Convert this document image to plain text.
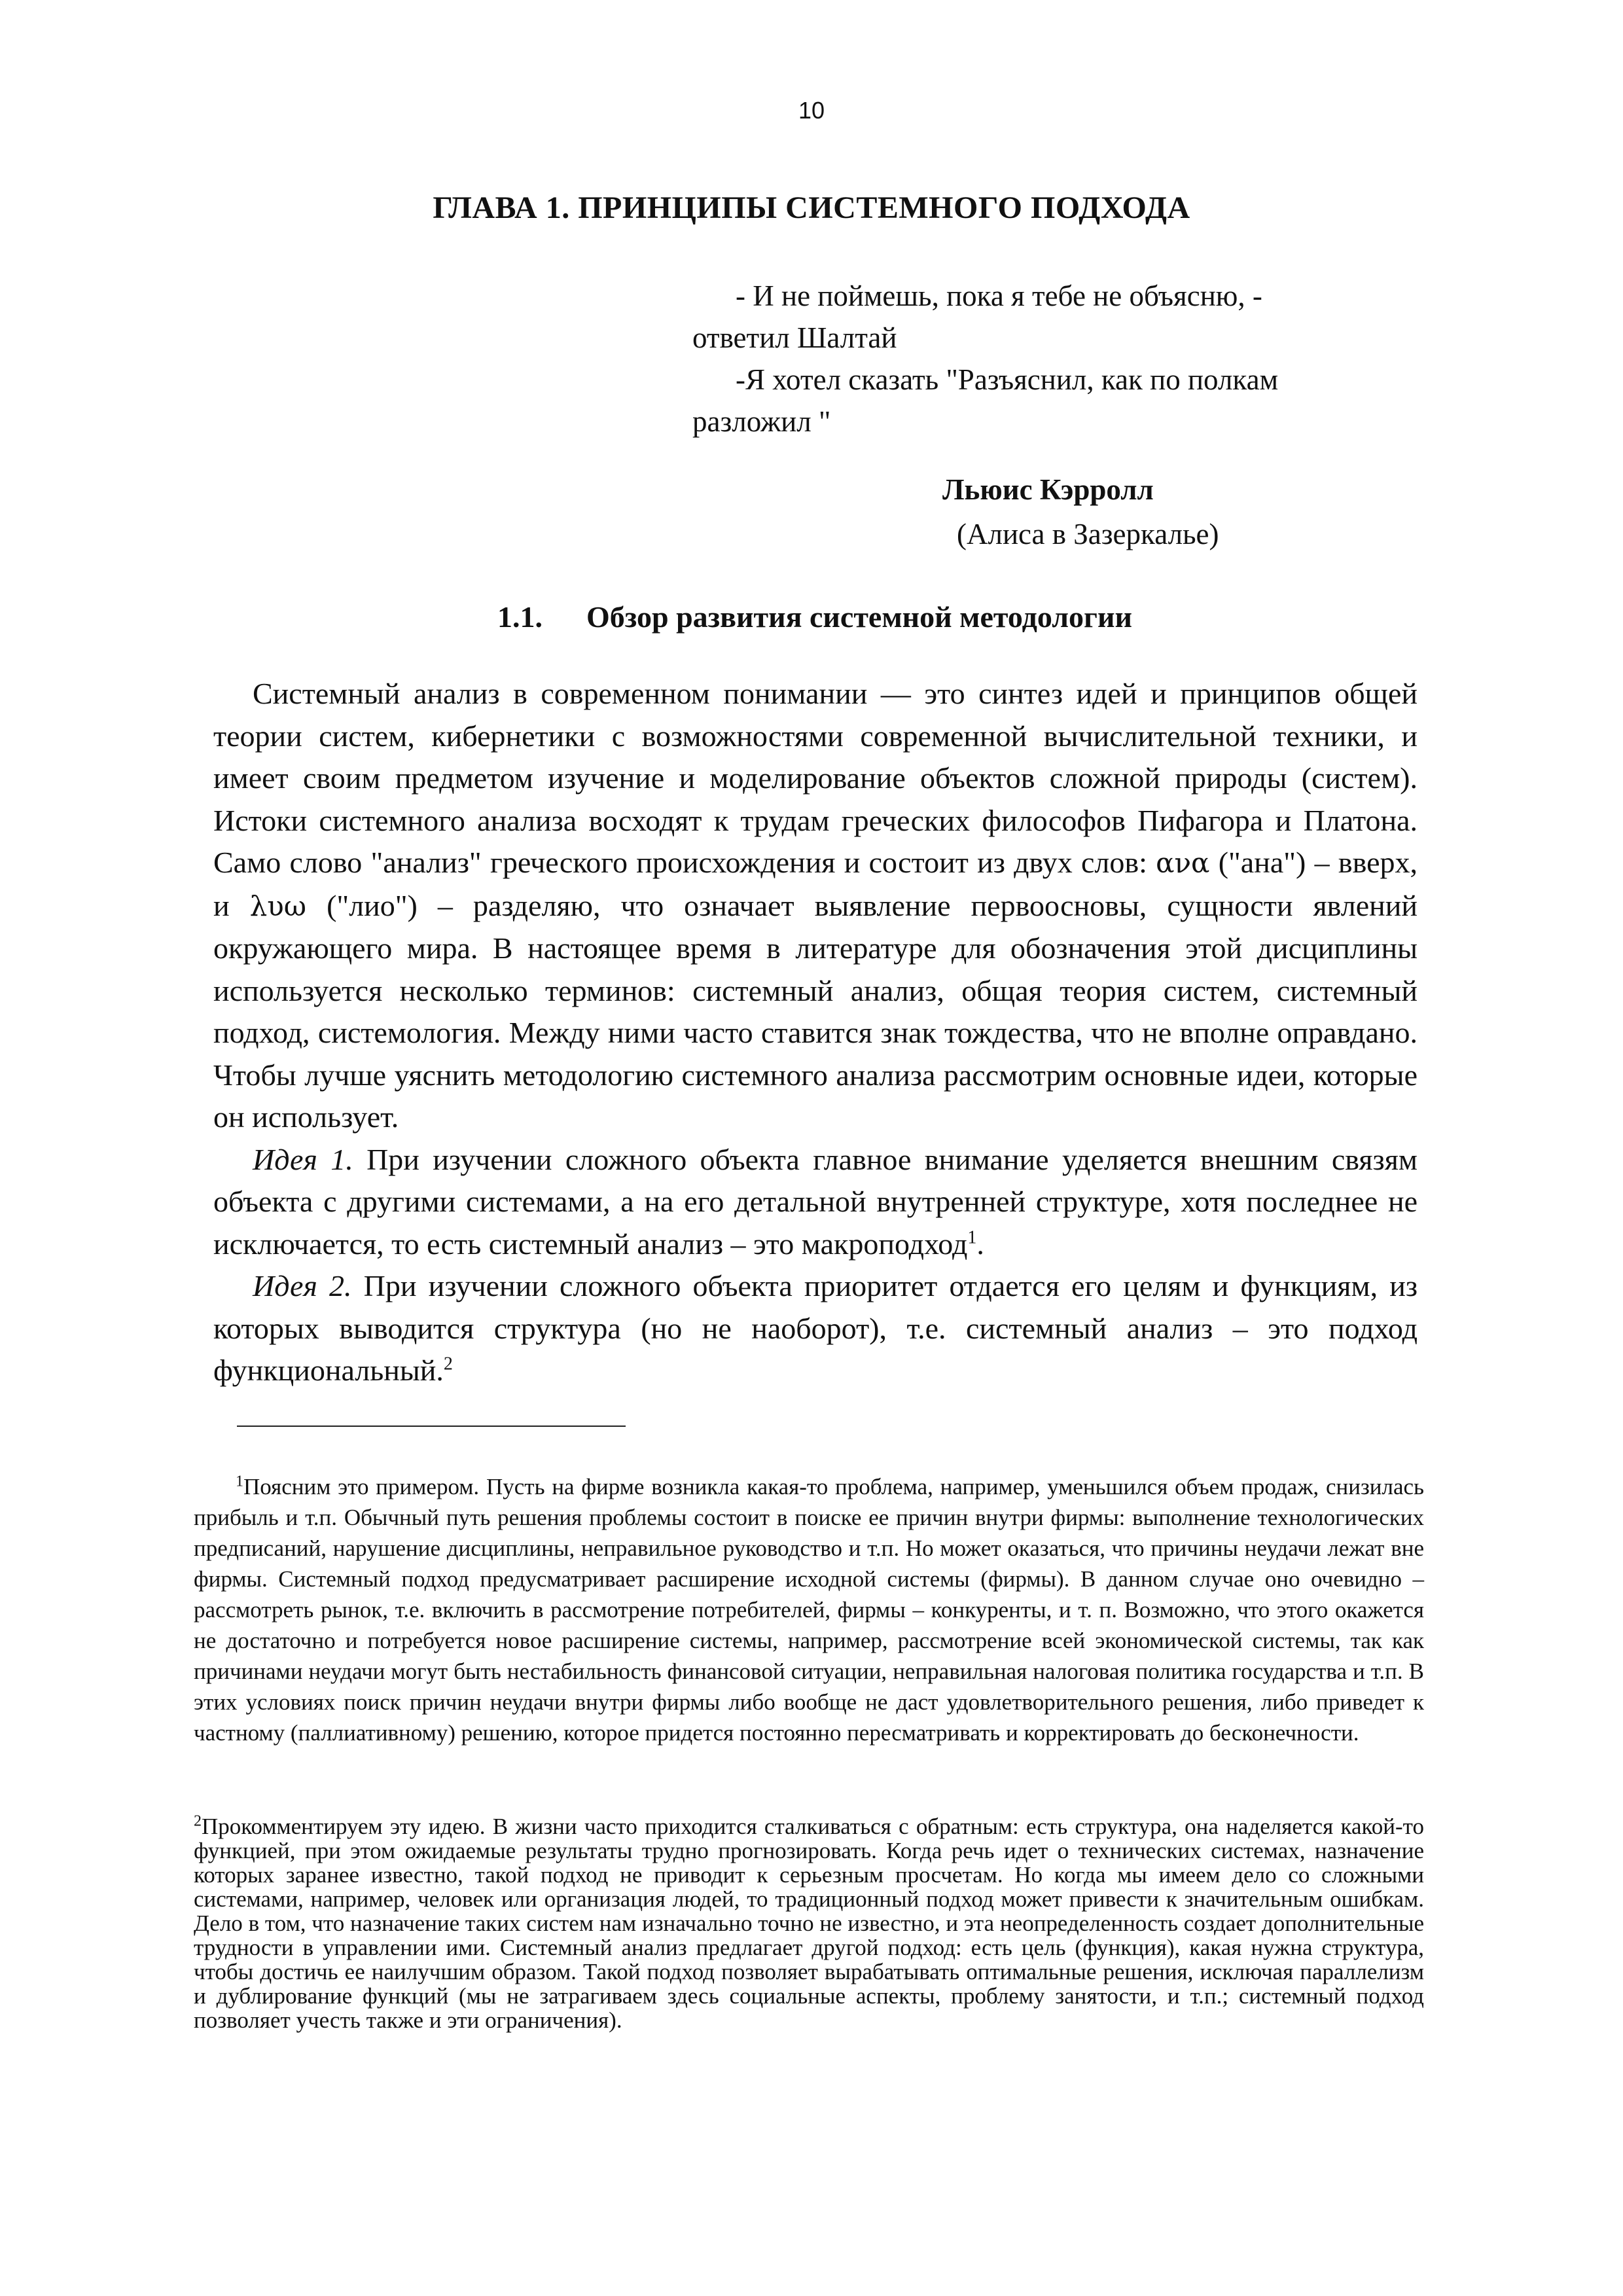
10
ГЛАВА 1. ПРИНЦИПЫ СИСТЕМНОГО ПОДХОДА
- И не поймешь, пока я тебе не объясню, -
ответил Шалтай
-Я хотел сказать "Разъяснил, как по полкам
разложил "
Льюис Кэрролл
(Алиса в Зазеркалье)
1.1. Обзор развития системной методологии

Системный анализ в современном понимании — это синтез идей и принципов общей теории систем, кибернетики с возможностями современной вычислительной техники, и имеет своим предметом изучение и моделирование объектов сложной природы (систем). Истоки системного анализа восходят к трудам греческих философов Пифагора и Платона. Само слово "анализ" греческого происхождения и состоит из двух слов: ανα ("ана") – вверх, и λυω ("лио") – разделяю, что означает выявление первоосновы, сущности явлений окружающего мира. В настоящее время в литературе для обозначения этой дисциплины используется несколько терминов: системный анализ, общая теория систем, системный подход, системология. Между ними часто ставится знак тождества, что не вполне оправдано. Чтобы лучше уяснить методологию системного анализа рассмотрим основные идеи, которые он использует.

Идея 1. При изучении сложного объекта главное внимание уделяется внешним связям объекта с другими системами, а на его детальной внутренней структуре, хотя последнее не исключается, то есть системный анализ – это макроподход$^1$.

Идея 2. При изучении сложного объекта приоритет отдается его целям и функциям, из которых выводится структура (но не наоборот), т.е. системный анализ – это подход функциональный.$^2$

$^1$Поясним это примером. Пусть на фирме возникла какая-то проблема, например, уменьшился объем продаж, снизилась прибыль и т.п. Обычный путь решения проблемы состоит в поиске ее причин внутри фирмы: выполнение технологических предписаний, нарушение дисциплины, неправильное руководство и т.п. Но может оказаться, что причины неудачи лежат вне фирмы. Системный подход предусматривает расширение исходной системы (фирмы). В данном случае оно очевидно – рассмотреть рынок, т.е. включить в рассмотрение потребителей, фирмы – конкуренты, и т. п. Возможно, что этого окажется не достаточно и потребуется новое расширение системы, например, рассмотрение всей экономической системы, так как причинами неудачи могут быть нестабильность финансовой ситуации, неправильная налоговая политика государства и т.п. В этих условиях поиск причин неудачи внутри фирмы либо вообще не даст удовлетворительного решения, либо приведет к частному (паллиативному) решению, которое придется постоянно пересматривать и корректировать до бесконечности.

$^2$Прокомментируем эту идею. В жизни часто приходится сталкиваться с обратным: есть структура, она наделяется какой-то функцией, при этом ожидаемые результаты трудно прогнозировать. Когда речь идет о технических системах, назначение которых заранее известно, такой подход не приводит к серьезным просчетам. Но когда мы имеем дело со сложными системами, например, человек или организация людей, то традиционный подход может привести к значительным ошибкам. Дело в том, что назначение таких систем нам изначально точно не известно, и эта неопределенность создает дополнительные трудности в управлении ими. Системный анализ предлагает другой подход: есть цель (функция), какая нужна структура, чтобы достичь ее наилучшим образом. Такой подход позволяет вырабатывать оптимальные решения, исключая параллелизм и дублирование функций (мы не затрагиваем здесь социальные аспекты, проблему занятости, и т.п.; системный подход позволяет учесть также и эти ограничения).
